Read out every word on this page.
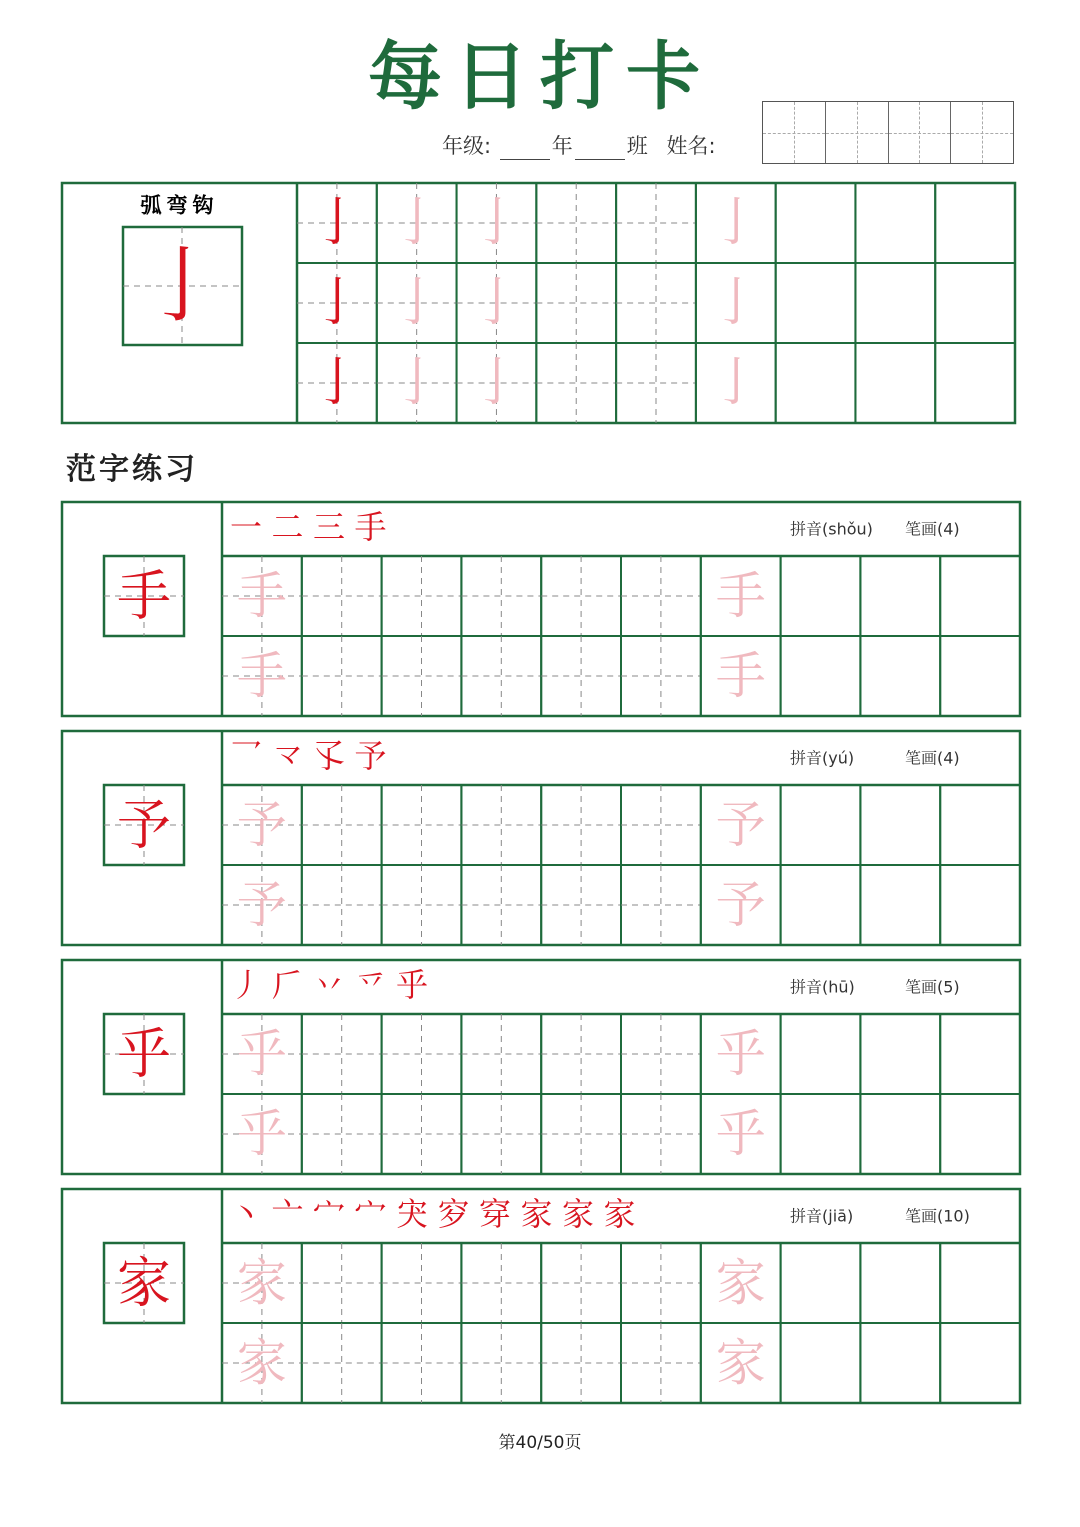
每日打卡
年级:	年	班 姓名:
范字练习
弧弯钩
亅
亅 亅 亅	亅
亅 亅 亅	亅
亅 亅 亅	亅
手
一 二 三 手	拼音(shǒu) 笔画(4)
手	手
手	手
予
乛 龴 孓 予	拼音(yú)	笔画(4)
予	予
予	予
乎
丿 𠂆 丷 乊 乎	拼音(hū)	笔画(5)
乎	乎
乎	乎
家
丶 亠 宀 宀 宊 穸 穿 家 家 家	拼音(jiā)	笔画(10)
家	家
家	家
第40/50页
